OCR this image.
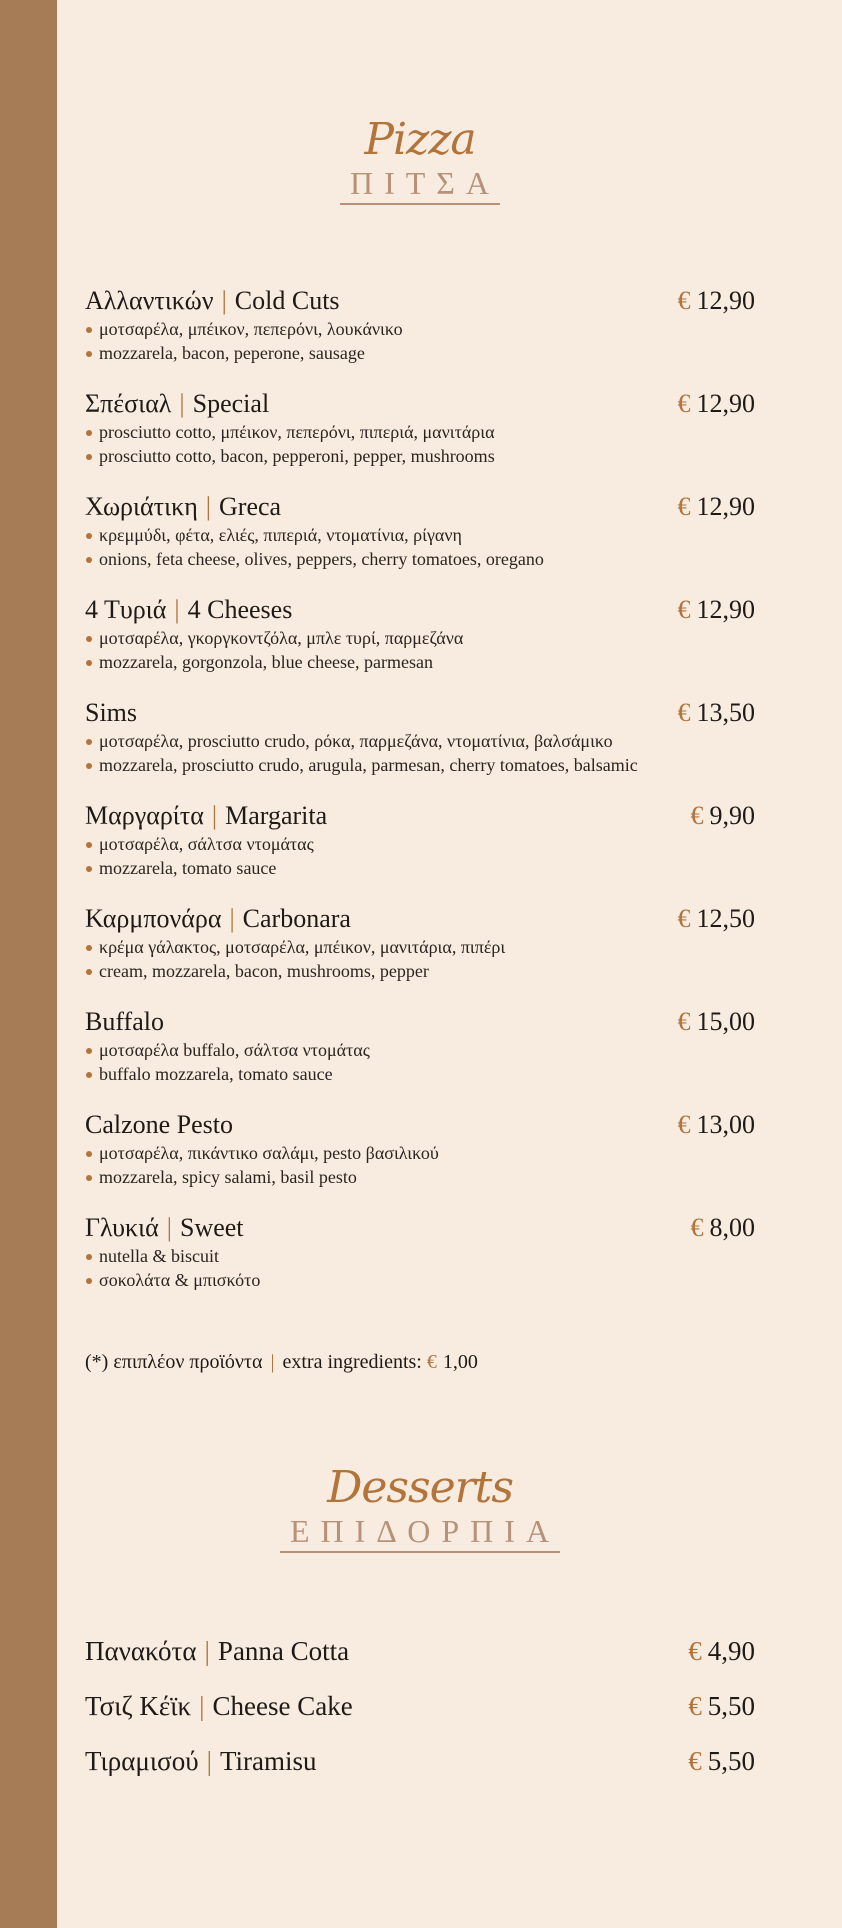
Pizza
ΠΙΤΣΑ
Αλλαντικών | Cold Cuts	€ 12,90
μοτσαρέλα, μπέικον, πεπερόνι, λουκάνικο
mozzarela, bacon, peperone, sausage
Σπέσιαλ | Special	€ 12,90
prosciutto cotto, μπέικον, πεπερόνι, πιπεριά, μανιτάρια
prosciutto cotto, bacon, pepperoni, pepper, mushrooms
Χωριάτικη | Greca	€ 12,90
κρεμμύδι, φέτα, ελιές, πιπεριά, ντοματίνια, ρίγανη
onions, feta cheese, olives, peppers, cherry tomatoes, oregano
4 Τυριά | 4 Cheeses	€ 12,90
μοτσαρέλα, γκοργκοντζόλα, μπλε τυρί, παρμεζάνα
mozzarela, gorgonzola, blue cheese, parmesan
Sims	€ 13,50
μοτσαρέλα, prosciutto crudo, ρόκα, παρμεζάνα, ντοματίνια, βαλσάμικο
mozzarela, prosciutto crudo, arugula, parmesan, cherry tomatoes, balsamic
Μαργαρίτα | Margarita	€ 9,90
μοτσαρέλα, σάλτσα ντομάτας
mozzarela, tomato sauce
Καρμπονάρα | Carbonara	€ 12,50
κρέμα γάλακτος, μοτσαρέλα, μπέικον, μανιτάρια, πιπέρι
cream, mozzarela, bacon, mushrooms, pepper
Buffalo	€ 15,00
μοτσαρέλα buffalo, σάλτσα ντομάτας
buffalo mozzarela, tomato sauce
Calzone Pesto	€ 13,00
μοτσαρέλα, πικάντικο σαλάμι, pesto βασιλικού
mozzarela, spicy salami, basil pesto
Γλυκιά | Sweet	€ 8,00
nutella & biscuit
σοκολάτα & μπισκότο
(*) επιπλέον προϊόντα | extra ingredients: € 1,00
Desserts
ΕΠΙΔΟΡΠΙΑ
Πανακότα | Panna Cotta	€ 4,90
Τσιζ Κέϊκ | Cheese Cake	€ 5,50
Τιραμισού | Tiramisu	€ 5,50
